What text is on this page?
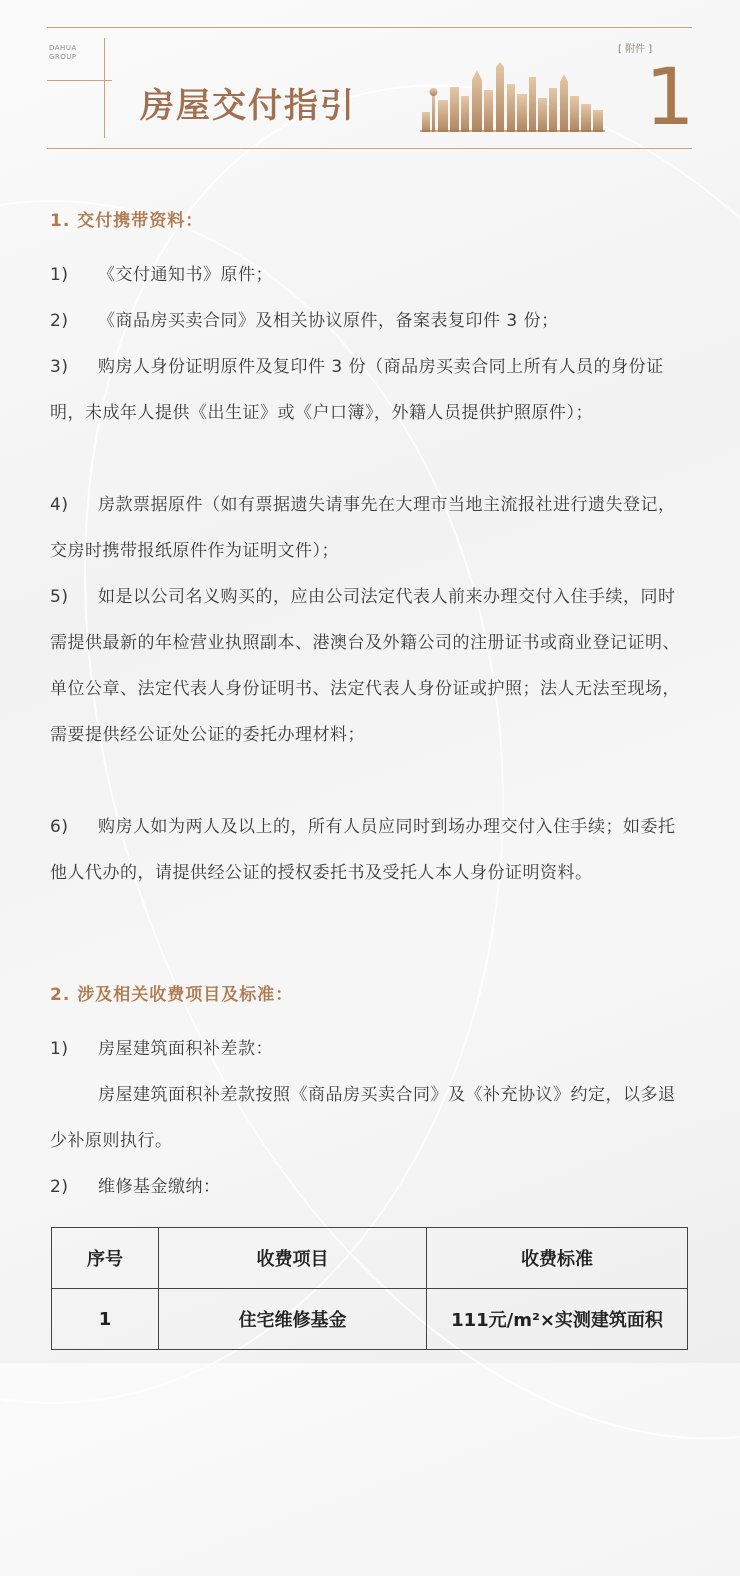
DAHUA
GROUP
房屋交付指引
[ 附件 ]
1
1. 交付携带资料：
1) 《交付通知书》原件；
2) 《商品房买卖合同》及相关协议原件，备案表复印件 3 份；
3) 购房人身份证明原件及复印件 3 份（商品房买卖合同上所有人员的身份证明，未成年人提供《出生证》或《户口簿》，外籍人员提供护照原件）；
4) 房款票据原件（如有票据遗失请事先在大理市当地主流报社进行遗失登记，交房时携带报纸原件作为证明文件）；
5) 如是以公司名义购买的，应由公司法定代表人前来办理交付入住手续，同时需提供最新的年检营业执照副本、港澳台及外籍公司的注册证书或商业登记证明、单位公章、法定代表人身份证明书、法定代表人身份证或护照；法人无法至现场，需要提供经公证处公证的委托办理材料；
6) 购房人如为两人及以上的，所有人员应同时到场办理交付入住手续；如委托他人代办的，请提供经公证的授权委托书及受托人本人身份证明资料。
2. 涉及相关收费项目及标准：
1) 房屋建筑面积补差款：
房屋建筑面积补差款按照《商品房买卖合同》及《补充协议》约定，以多退少补原则执行。
2) 维修基金缴纳：
序号	收费项目	收费标准
1	住宅维修基金	111元/m²×实测建筑面积
